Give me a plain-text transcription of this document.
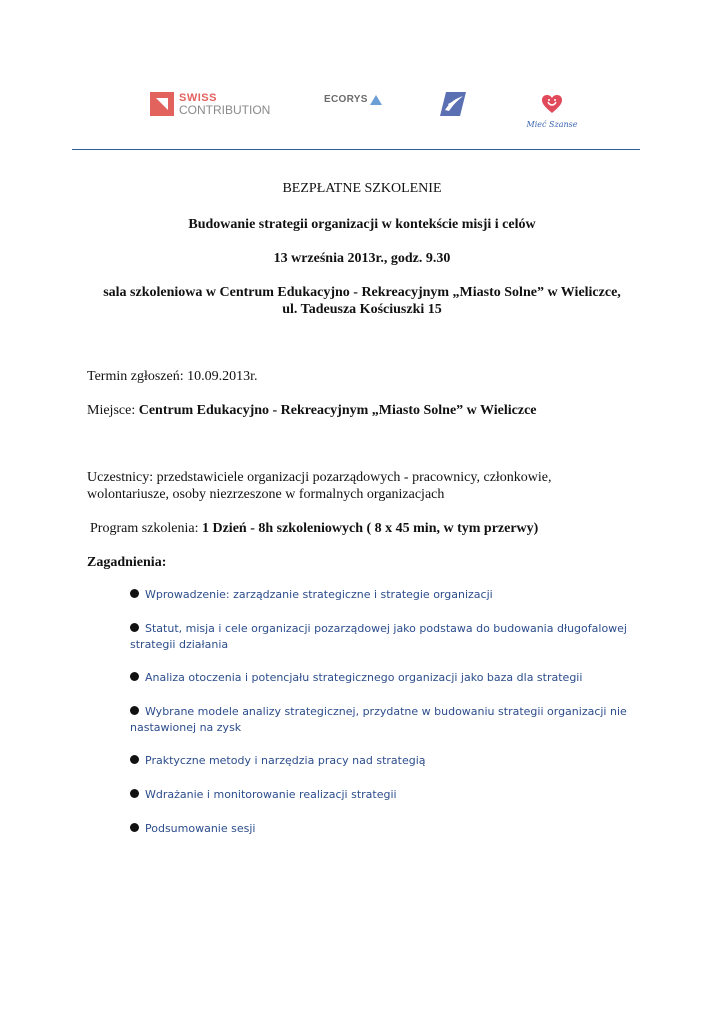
SWISS
CONTRIBUTION
ECORYS
Mieć Szanse
BEZPŁATNE SZKOLENIE
Budowanie strategii organizacji w kontekście misji i celów
13 września 2013r., godz. 9.30
sala szkoleniowa w Centrum Edukacyjno - Rekreacyjnym „Miasto Solne” w Wieliczce,
ul. Tadeusza Kościuszki 15
Termin zgłoszeń: 10.09.2013r.
Miejsce: Centrum Edukacyjno - Rekreacyjnym „Miasto Solne” w Wieliczce
Uczestnicy: przedstawiciele organizacji pozarządowych - pracownicy, członkowie,
wolontariusze, osoby niezrzeszone w formalnych organizacjach
Program szkolenia: 1 Dzień - 8h szkoleniowych ( 8 x 45 min, w tym przerwy)
Zagadnienia:
Wprowadzenie: zarządzanie strategiczne i strategie organizacji
Statut, misja i cele organizacji pozarządowej jako podstawa do budowania długofalowej strategii działania
Analiza otoczenia i potencjału strategicznego organizacji jako baza dla strategii
Wybrane modele analizy strategicznej, przydatne w budowaniu strategii organizacji nie nastawionej na zysk
Praktyczne metody i narzędzia pracy nad strategią
Wdrażanie i monitorowanie realizacji strategii
Podsumowanie sesji
